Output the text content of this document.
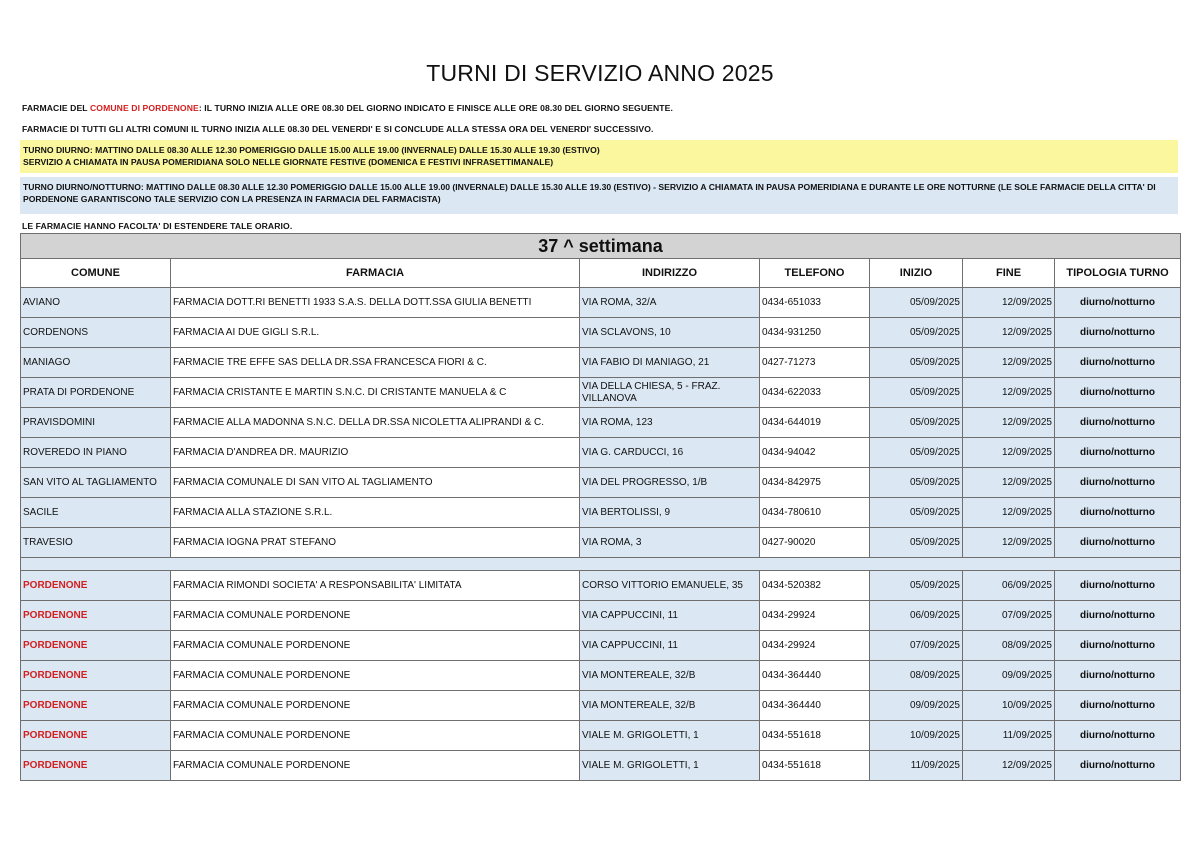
TURNI DI SERVIZIO ANNO 2025
FARMACIE DEL COMUNE DI PORDENONE: IL TURNO INIZIA ALLE ORE 08.30 DEL GIORNO INDICATO E FINISCE ALLE ORE 08.30 DEL GIORNO SEGUENTE.
FARMACIE DI TUTTI GLI ALTRI COMUNI IL TURNO INIZIA ALLE 08.30 DEL VENERDI' E SI CONCLUDE ALLA STESSA ORA DEL VENERDI' SUCCESSIVO.
TURNO DIURNO: MATTINO DALLE 08.30 ALLE 12.30 POMERIGGIO DALLE 15.00 ALLE 19.00 (INVERNALE) DALLE 15.30 ALLE 19.30 (ESTIVO)
SERVIZIO A CHIAMATA IN PAUSA POMERIDIANA SOLO NELLE GIORNATE FESTIVE (DOMENICA E FESTIVI INFRASETTIMANALE)
TURNO DIURNO/NOTTURNO: MATTINO DALLE 08.30 ALLE 12.30 POMERIGGIO DALLE 15.00 ALLE 19.00 (INVERNALE) DALLE 15.30 ALLE 19.30 (ESTIVO) - SERVIZIO A CHIAMATA IN PAUSA POMERIDIANA E DURANTE LE ORE NOTTURNE (LE SOLE FARMACIE DELLA CITTA' DI PORDENONE GARANTISCONO TALE SERVIZIO CON LA PRESENZA IN FARMACIA DEL FARMACISTA)
LE FARMACIE HANNO FACOLTA' DI ESTENDERE TALE ORARIO.
37 ^ settimana						
COMUNE	FARMACIA	INDIRIZZO	TELEFONO	INIZIO	FINE	TIPOLOGIA TURNO
AVIANO	FARMACIA DOTT.RI BENETTI 1933 S.A.S. DELLA DOTT.SSA GIULIA BENETTI	VIA ROMA, 32/A	0434-651033	05/09/2025	12/09/2025	diurno/notturno
CORDENONS	FARMACIA AI DUE GIGLI S.R.L.	VIA SCLAVONS, 10	0434-931250	05/09/2025	12/09/2025	diurno/notturno
MANIAGO	FARMACIE TRE EFFE SAS DELLA DR.SSA FRANCESCA FIORI & C.	VIA FABIO DI MANIAGO, 21	0427-71273	05/09/2025	12/09/2025	diurno/notturno
PRATA DI PORDENONE	FARMACIA CRISTANTE E MARTIN S.N.C. DI CRISTANTE MANUELA & C	VIA DELLA CHIESA, 5 - FRAZ. VILLANOVA	0434-622033	05/09/2025	12/09/2025	diurno/notturno
PRAVISDOMINI	FARMACIE ALLA MADONNA S.N.C. DELLA DR.SSA NICOLETTA ALIPRANDI & C.	VIA ROMA, 123	0434-644019	05/09/2025	12/09/2025	diurno/notturno
ROVEREDO IN PIANO	FARMACIA D'ANDREA DR. MAURIZIO	VIA G. CARDUCCI, 16	0434-94042	05/09/2025	12/09/2025	diurno/notturno
SAN VITO AL TAGLIAMENTO	FARMACIA COMUNALE DI SAN VITO AL TAGLIAMENTO	VIA DEL PROGRESSO, 1/B	0434-842975	05/09/2025	12/09/2025	diurno/notturno
SACILE	FARMACIA ALLA STAZIONE S.R.L.	VIA BERTOLISSI, 9	0434-780610	05/09/2025	12/09/2025	diurno/notturno
TRAVESIO	FARMACIA IOGNA PRAT STEFANO	VIA ROMA, 3	0427-90020	05/09/2025	12/09/2025	diurno/notturno

PORDENONE	FARMACIA RIMONDI SOCIETA' A RESPONSABILITA' LIMITATA	CORSO VITTORIO EMANUELE, 35	0434-520382	05/09/2025	06/09/2025	diurno/notturno
PORDENONE	FARMACIA COMUNALE PORDENONE	VIA CAPPUCCINI, 11	0434-29924	06/09/2025	07/09/2025	diurno/notturno
PORDENONE	FARMACIA COMUNALE PORDENONE	VIA CAPPUCCINI, 11	0434-29924	07/09/2025	08/09/2025	diurno/notturno
PORDENONE	FARMACIA COMUNALE PORDENONE	VIA MONTEREALE, 32/B	0434-364440	08/09/2025	09/09/2025	diurno/notturno
PORDENONE	FARMACIA COMUNALE PORDENONE	VIA MONTEREALE, 32/B	0434-364440	09/09/2025	10/09/2025	diurno/notturno
PORDENONE	FARMACIA COMUNALE PORDENONE	VIALE M. GRIGOLETTI, 1	0434-551618	10/09/2025	11/09/2025	diurno/notturno
PORDENONE	FARMACIA COMUNALE PORDENONE	VIALE M. GRIGOLETTI, 1	0434-551618	11/09/2025	12/09/2025	diurno/notturno
